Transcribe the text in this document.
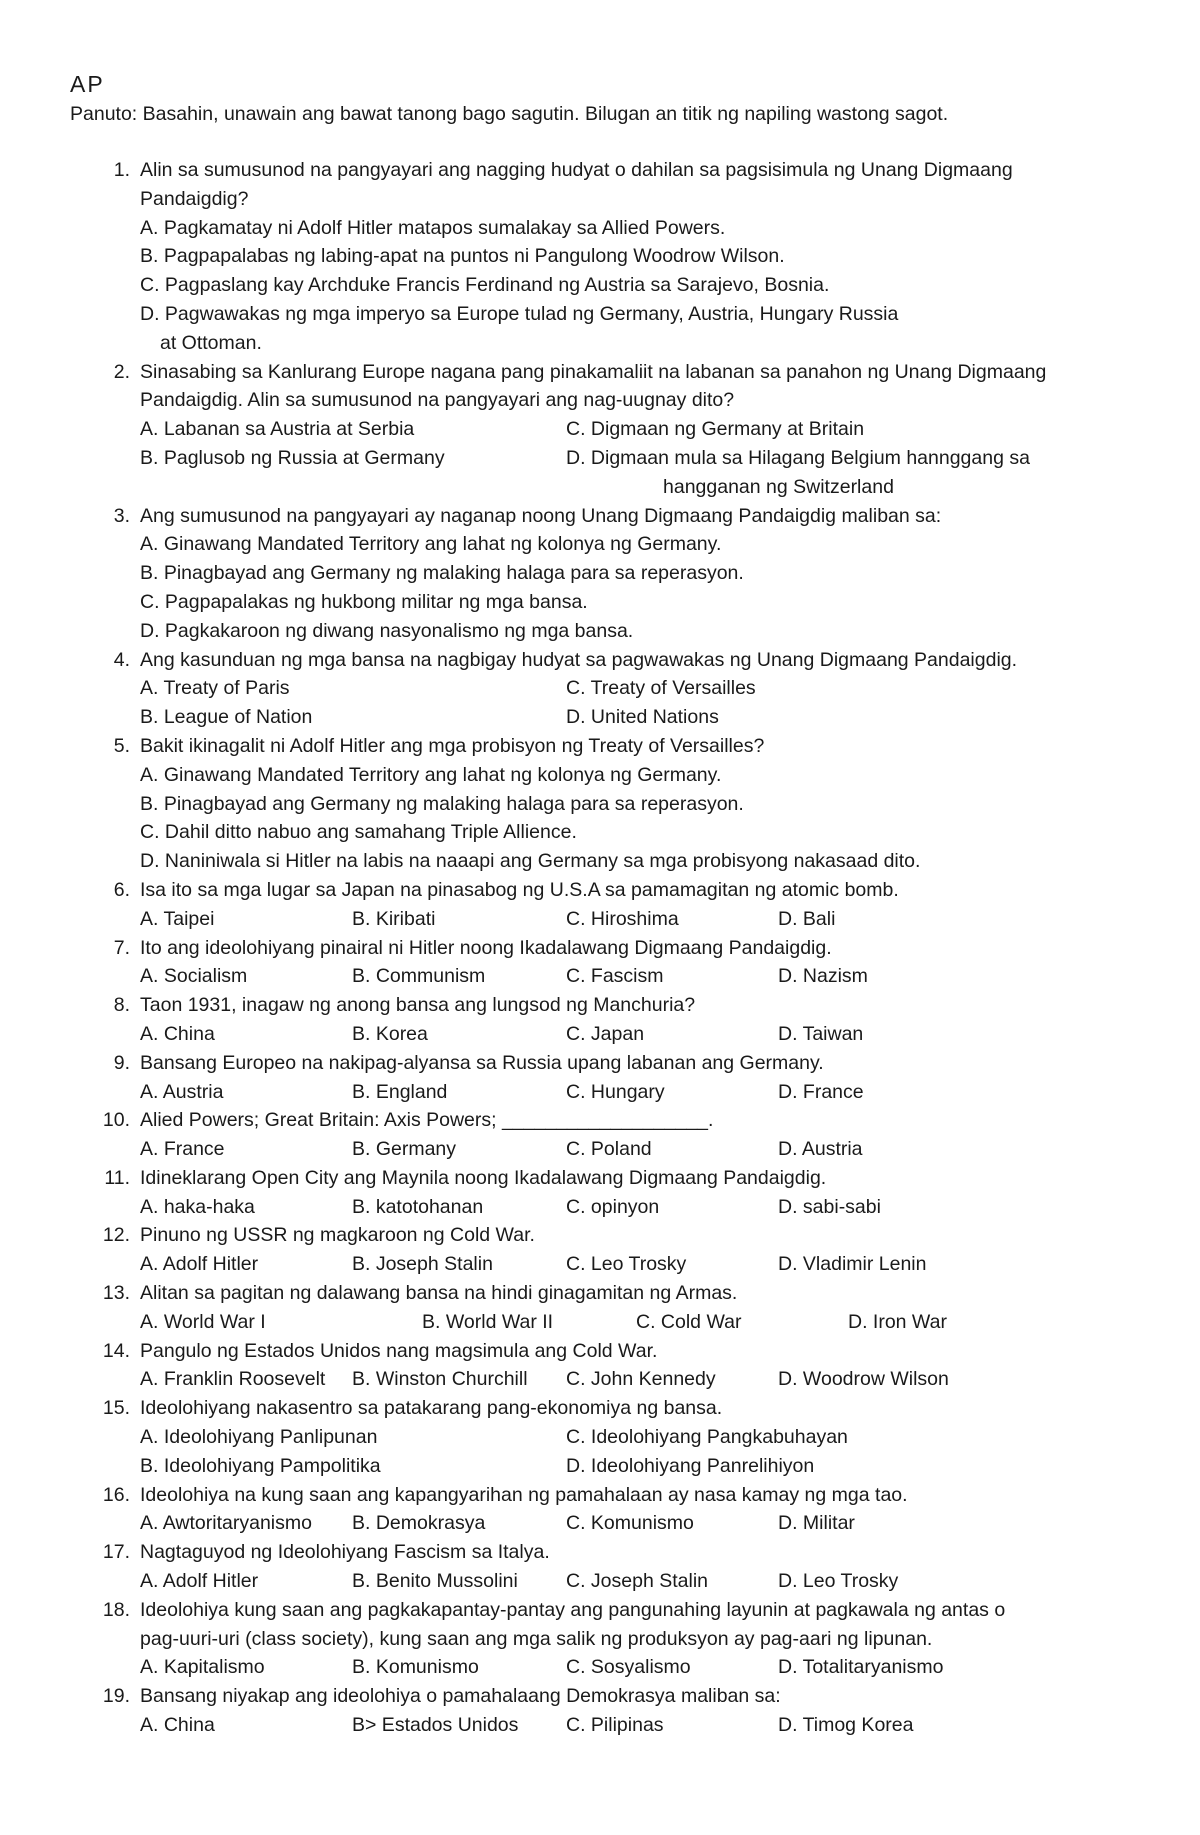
AP
Panuto: Basahin, unawain ang bawat tanong bago sagutin. Bilugan an titik ng napiling wastong sagot.
1. Alin sa sumusunod na pangyayari ang nagging hudyat o dahilan sa pagsisimula ng Unang Digmaang
Pandaigdig?
A. Pagkamatay ni Adolf Hitler matapos sumalakay sa Allied Powers.
B. Pagpapalabas ng labing-apat na puntos ni Pangulong Woodrow Wilson.
C. Pagpaslang kay Archduke Francis Ferdinand ng Austria sa Sarajevo, Bosnia.
D. Pagwawakas ng mga imperyo sa Europe tulad ng Germany, Austria, Hungary Russia
at Ottoman.
2. Sinasabing sa Kanlurang Europe nagana pang pinakamaliit na labanan sa panahon ng Unang Digmaang
Pandaigdig. Alin sa sumusunod na pangyayari ang nag-uugnay dito?
A. Labanan sa Austria at Serbia	C. Digmaan ng Germany at Britain
B. Paglusob ng Russia at Germany	D. Digmaan mula sa Hilagang Belgium hannggang sa
hangganan ng Switzerland
3. Ang sumusunod na pangyayari ay naganap noong Unang Digmaang Pandaigdig maliban sa:
A. Ginawang Mandated Territory ang lahat ng kolonya ng Germany.
B. Pinagbayad ang Germany ng malaking halaga para sa reperasyon.
C. Pagpapalakas ng hukbong militar ng mga bansa.
D. Pagkakaroon ng diwang nasyonalismo ng mga bansa.
4. Ang kasunduan ng mga bansa na nagbigay hudyat sa pagwawakas ng Unang Digmaang Pandaigdig.
A. Treaty of Paris	C. Treaty of Versailles
B. League of Nation	D. United Nations
5. Bakit ikinagalit ni Adolf Hitler ang mga probisyon ng Treaty of Versailles?
A. Ginawang Mandated Territory ang lahat ng kolonya ng Germany.
B. Pinagbayad ang Germany ng malaking halaga para sa reperasyon.
C. Dahil ditto nabuo ang samahang Triple Allience.
D. Naniniwala si Hitler na labis na naaapi ang Germany sa mga probisyong nakasaad dito.
6. Isa ito sa mga lugar sa Japan na pinasabog ng U.S.A sa pamamagitan ng atomic bomb.
A. Taipei	B. Kiribati	C. Hiroshima	D. Bali
7. Ito ang ideolohiyang pinairal ni Hitler noong Ikadalawang Digmaang Pandaigdig.
A. Socialism	B. Communism	C. Fascism	D. Nazism
8. Taon 1931, inagaw ng anong bansa ang lungsod ng Manchuria?
A. China	B. Korea	C. Japan	D. Taiwan
9. Bansang Europeo na nakipag-alyansa sa Russia upang labanan ang Germany.
A. Austria	B. England	C. Hungary	D. France
10. Alied Powers; Great Britain: Axis Powers; ___________________.
A. France	B. Germany	C. Poland	D. Austria
11. Idineklarang Open City ang Maynila noong Ikadalawang Digmaang Pandaigdig.
A. haka-haka	B. katotohanan	C. opinyon	D. sabi-sabi
12. Pinuno ng USSR ng magkaroon ng Cold War.
A. Adolf Hitler	B. Joseph Stalin	C. Leo Trosky	D. Vladimir Lenin
13. Alitan sa pagitan ng dalawang bansa na hindi ginagamitan ng Armas.
A. World War I	B. World War II	C. Cold War	D. Iron War
14. Pangulo ng Estados Unidos nang magsimula ang Cold War.
A. Franklin Roosevelt B. Winston Churchill C. John Kennedy	D. Woodrow Wilson
15. Ideolohiyang nakasentro sa patakarang pang-ekonomiya ng bansa.
A. Ideolohiyang Panlipunan	C. Ideolohiyang Pangkabuhayan
B. Ideolohiyang Pampolitika	D. Ideolohiyang Panrelihiyon
16. Ideolohiya na kung saan ang kapangyarihan ng pamahalaan ay nasa kamay ng mga tao.
A. Awtoritaryanismo B. Demokrasya	C. Komunismo	D. Militar
17. Nagtaguyod ng Ideolohiyang Fascism sa Italya.
A. Adolf Hitler	B. Benito Mussolini C. Joseph Stalin	D. Leo Trosky
18. Ideolohiya kung saan ang pagkakapantay-pantay ang pangunahing layunin at pagkawala ng antas o
pag-uuri-uri (class society), kung saan ang mga salik ng produksyon ay pag-aari ng lipunan.
A. Kapitalismo	B. Komunismo	C. Sosyalismo	D. Totalitaryanismo
19. Bansang niyakap ang ideolohiya o pamahalaang Demokrasya maliban sa:
A. China	B> Estados Unidos C. Pilipinas	D. Timog Korea
